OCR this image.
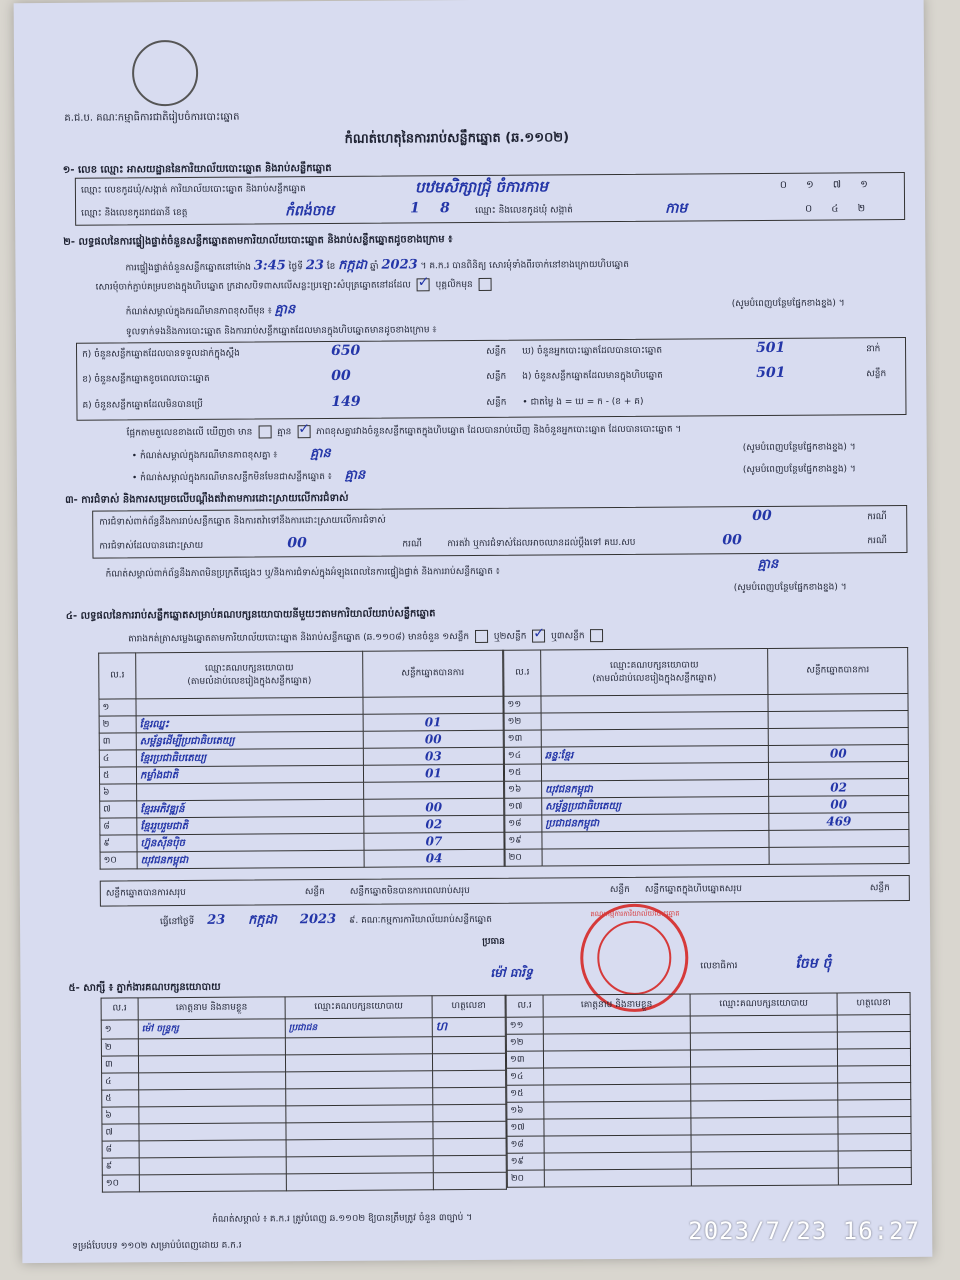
គ.ជ.ប. គណៈកម្មាធិការជាតិរៀបចំការបោះឆ្នោត
កំណត់ហេតុនៃការរាប់សន្លឹកឆ្នោត (ឆ.១១០២)
១- លេខ ឈ្មោះ អាសយដ្ឋាននៃការិយាល័យបោះឆ្នោត និងរាប់សន្លឹកឆ្នោត
ឈ្មោះ លេខកូដឃុំ/សង្កាត់ ការិយាល័យបោះឆ្នោត និងរាប់សន្លឹកឆ្នោត	បឋមសិក្សាជ្រុំ ចំការកាម	០ ១ ៧ ១
ឈ្មោះ និងលេខកូដរាជធានី ខេត្ត	កំពង់ចាម	1 8	ឈ្មោះ និងលេខកូដឃុំ សង្កាត់	កាម	០ ៤ ២
២- លទ្ធផលនៃការផ្ទៀងផ្ទាត់ចំនួនសន្លឹកឆ្នោតតាមការិយាល័យបោះឆ្នោត និងរាប់សន្លឹកឆ្នោតដូចខាងក្រោម ៖
ការផ្ទៀងផ្ទាត់ចំនួនសន្លឹកឆ្នោតនៅម៉ោង 3:45 ថ្ងៃទី 23 ខែ កក្កដា ឆ្នាំ 2023 ។ គ.ក.រ បានពិនិត្យ សោរមុំទាំងពីរចាក់នៅខាងក្រោយហិបឆ្នោត
សោរមុំចាក់ភ្ជាប់គម្របខាងក្នុងហិបឆ្នោត ក្រដាសបិទពាសលើសន្លះប្រឡោះសំបុត្រឆ្នោតនៅដដែល ✓	បុគ្គលិកមុន
កំណត់សម្គាល់ក្នុងករណីមានភាពខុសពីមុន ៖ គ្មាន	(សូមបំពេញបន្ថែមផ្នែកខាងខ្នង) ។
ទូលទាក់ទងនិងការបោះឆ្នោត និងការរាប់សន្លឹកឆ្នោតដែលមានក្នុងហិបឆ្នោតមានដូចខាងក្រោម ៖
ក) ចំនួនសន្លឹកឆ្នោតដែលបានទទួលដាក់ក្នុងស្ពឹង	650	សន្លឹក ឃ) ចំនួនអ្នកបោះឆ្នោតដែលបានបោះឆ្នោត	501	នាក់
ខ) ចំនួនសន្លឹកឆ្នោតខូចពេលបោះឆ្នោត	00	សន្លឹក ង) ចំនួនសន្លឹកឆ្នោតដែលមានក្នុងហិបឆ្នោត	501	សន្លឹក
គ) ចំនួនសន្លឹកឆ្នោតដែលមិនបានប្រើ	149	សន្លឹក • ជាតម្លៃ ង = ឃ = ក - (ខ + គ)
ផ្អែកតាមតួលេខខាងលើ ឃើញថា មាន	គ្មាន ✓	ភាពខុសគ្នារវាងចំនួនសន្លឹកឆ្នោតក្នុងហិបឆ្នោត ដែលបានរាប់ឃើញ និងចំនួនអ្នកបោះឆ្នោត ដែលបានបោះឆ្នោត ។
• កំណត់សម្គាល់ក្នុងករណីមានភាពខុសគ្នា ៖	គ្មាន	(សូមបំពេញបន្ថែមផ្នែកខាងខ្នង) ។
• កំណត់សម្គាល់ក្នុងករណីមានសន្លឹកមិនមែនជាសន្លឹកឆ្នោត ៖ គ្មាន	(សូមបំពេញបន្ថែមផ្នែកខាងខ្នង) ។
៣- ការជំទាស់ និងការសម្រេចលើបណ្តឹងតវ៉ាតាមការដោះស្រាយលើការជំទាស់
ការជំទាស់ពាក់ព័ន្ធនឹងការរាប់សន្លឹកឆ្នោត និងការតវ៉ាទៅនឹងការដោះស្រាយលើការជំទាស់	00	ករណី
ការជំទាស់ដែលបានដោះស្រាយ	00	ករណី	ការតវ៉ា ឬការជំទាស់ដែលអាចឈានដល់ប្តឹងទៅ គឃ.សប	00	ករណី
កំណត់សម្គាល់ពាក់ព័ន្ធនឹងភាពមិនប្រក្រតីផ្សេងៗ ឬ/និងការជំទាស់ក្នុងអំឡុងពេលនៃការផ្ទៀងផ្ទាត់ និងការរាប់សន្លឹកឆ្នោត ៖
គ្មាន
(សូមបំពេញបន្ថែមផ្នែកខាងខ្នង) ។
៤- លទ្ធផលនៃការរាប់សន្លឹកឆ្នោតសម្រាប់គណបក្សនយោបាយនីមួយៗតាមការិយាល័យរាប់សន្លឹកឆ្នោត
តារាងកត់ត្រាសម្លេងឆ្នោតតាមការិយាល័យបោះឆ្នោត និងរាប់សន្លឹកឆ្នោត (ឆ.១១០៨) មានចំនួន ១សន្លឹក	ឬ២សន្លឹក ✓	ឬ៣សន្លឹក
ល.រ	ឈ្មោះគណបក្សនយោបាយ
(តាមលំដាប់លេខរៀងក្នុងសន្លឹកឆ្នោត)	សន្លឹកឆ្នោតបានការ
១		
២	ខ្មែរឈ្នះ	01
៣	សម្ព័ន្ធដើម្បីប្រជាធិបតេយ្យ	00
៤	ខ្មែរប្រជាធិបតេយ្យ	03
៥	កម្លាំងជាតិ	01
៦		
៧	ខ្មែរអភិវឌ្ឍន៍	00
៨	ខ្មែររួបរួមជាតិ	02
៩	ហ្វ៊ុនស៊ីនប៉ិច	07
១០	យុវជនកម្ពុជា	04
ល.រ	ឈ្មោះគណបក្សនយោបាយ
(តាមលំដាប់លេខរៀងក្នុងសន្លឹកឆ្នោត)	សន្លឹកឆ្នោតបានការ
១១		
១២		
១៣		
១៤	ឆន្ទៈខ្មែរ	00
១៥		
១៦	យុវជនកម្ពុជា	02
១៧	សម្ព័ន្ធប្រជាធិបតេយ្យ	00
១៨	ប្រជាជនកម្ពុជា	469
១៩		
២០		
សន្លឹកឆ្នោតបានការសរុប	សន្លឹក	សន្លឹកឆ្នោតមិនបានការពេលរាប់សរុប	សន្លឹក សន្លឹកឆ្នោតក្នុងហិបឆ្នោតសរុប	សន្លឹក
ធ្វើនៅថ្ងៃទី 23 កក្កដា 2023 ៩. គណៈកម្មការការិយាល័យរាប់សន្លឹកឆ្នោត
ប្រធាន
ម៉ៅ ធារិទ្ធ	លេខាធិការ	ចែម ចុំ
គណៈកម្មការការិយាល័យបោះឆ្នោត
៥- សាក្សី ៖ ភ្នាក់ងារគណបក្សនយោបាយ
ល.រ	គោត្តនាម និងនាមខ្លួន	ឈ្មោះគណបក្សនយោបាយ	ហត្ថលេខា
១	ម៉ៅ ចន្ទ្រក្ស	ប្រជាជន	ហ
២			
៣			
៤			
៥			
៦			
៧			
៨			
៩			
១០			
ល.រ	គោត្តនាម និងនាមខ្លួន	ឈ្មោះគណបក្សនយោបាយ	ហត្ថលេខា
១១			
១២			
១៣			
១៤			
១៥			
១៦			
១៧			
១៨			
១៩			
២០			
កំណត់សម្គាល់ ៖ គ.ក.រ ត្រូវបំពេញ ឆ.១១០២ ឱ្យបានត្រឹមត្រូវ ចំនួន ៣ច្បាប់ ។
ទម្រង់បែបបទ ១១០២ សម្រាប់បំពេញដោយ គ.ក.រ
2023/7/23 16:27
